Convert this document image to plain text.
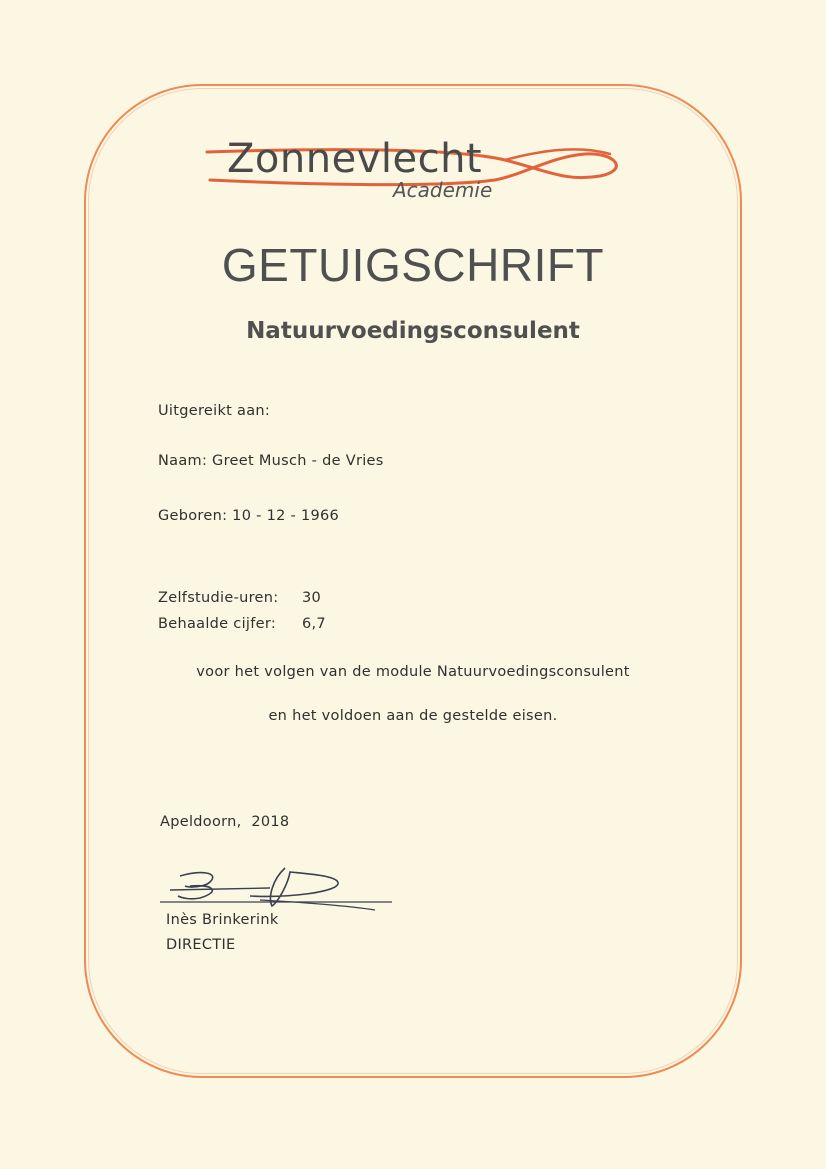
Zonnevlecht
Academie
GETUIGSCHRIFT
Natuurvoedingsconsulent
Uitgereikt aan:
Naam: Greet Musch - de Vries
Geboren: 10 - 12 - 1966
Zelfstudie-uren: 30
Behaalde cijfer: 6,7
voor het volgen van de module Natuurvoedingsconsulent
en het voldoen aan de gestelde eisen.
Apeldoorn,  2018
Inès Brinkerink
DIRECTIE
